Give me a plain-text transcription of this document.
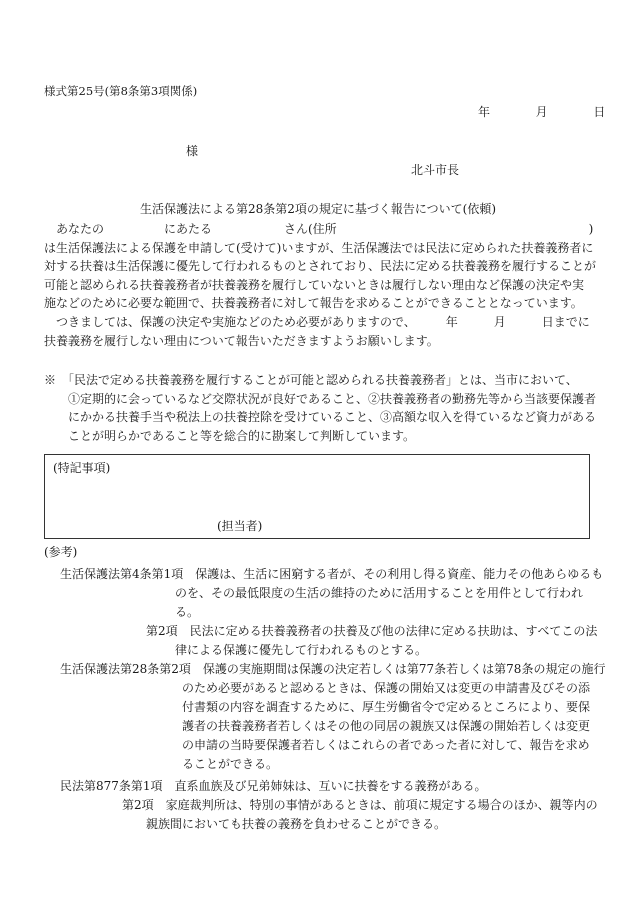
様式第25号(第8条第3項関係)
年	月	日
様
北斗市長
生活保護法による第28条第2項の規定に基づく報告について(依頼)
　あなたの　　　　　にあたる　　　　　　さん(住所　　　　　　　　　　　　　　　　　　　　　)
は生活保護法による保護を申請して(受けて)いますが、生活保護法では民法に定められた扶養義務者に
対する扶養は生活保護に優先して行われるものとされており、民法に定める扶養義務を履行することが
可能と認められる扶養義務者が扶養義務を履行していないときは履行しない理由など保護の決定や実
施などのために必要な範囲で、扶養義務者に対して報告を求めることができることとなっています。
　つきましては、保護の決定や実施などのため必要がありますので、　　　年　　　月　　　日までに
扶養義務を履行しない理由について報告いただきますようお願いします。
※　「民法で定める扶養義務を履行することが可能と認められる扶養義務者」とは、当市において、
　　①定期的に会っているなど交際状況が良好であること、②扶養義務者の勤務先等から当該要保護者
　　にかかる扶養手当や税法上の扶養控除を受けていること、③高額な収入を得ているなど資力がある
　　ことが明らかであること等を総合的に勘案して判断しています。
(特記事項)
(担当者)
(参考)
生活保護法第4条第1項　保護は、生活に困窮する者が、その利用し得る資産、能力その他あらゆるも
のを、その最低限度の生活の維持のために活用することを用件として行われ
る。
第2項　民法に定める扶養義務者の扶養及び他の法律に定める扶助は、すべてこの法
律による保護に優先して行われるものとする。
生活保護法第28条第2項　保護の実施期間は保護の決定若しくは第77条若しくは第78条の規定の施行
のため必要があると認めるときは、保護の開始又は変更の申請書及びその添
付書類の内容を調査するために、厚生労働省令で定めるところにより、要保
護者の扶養義務者若しくはその他の同居の親族又は保護の開始若しくは変更
の申請の当時要保護者若しくはこれらの者であった者に対して、報告を求め
ることができる。
民法第877条第1項　直系血族及び兄弟姉妹は、互いに扶養をする義務がある。
第2項　家庭裁判所は、特別の事情があるときは、前項に規定する場合のほか、親等内の
親族間においても扶養の義務を負わせることができる。
